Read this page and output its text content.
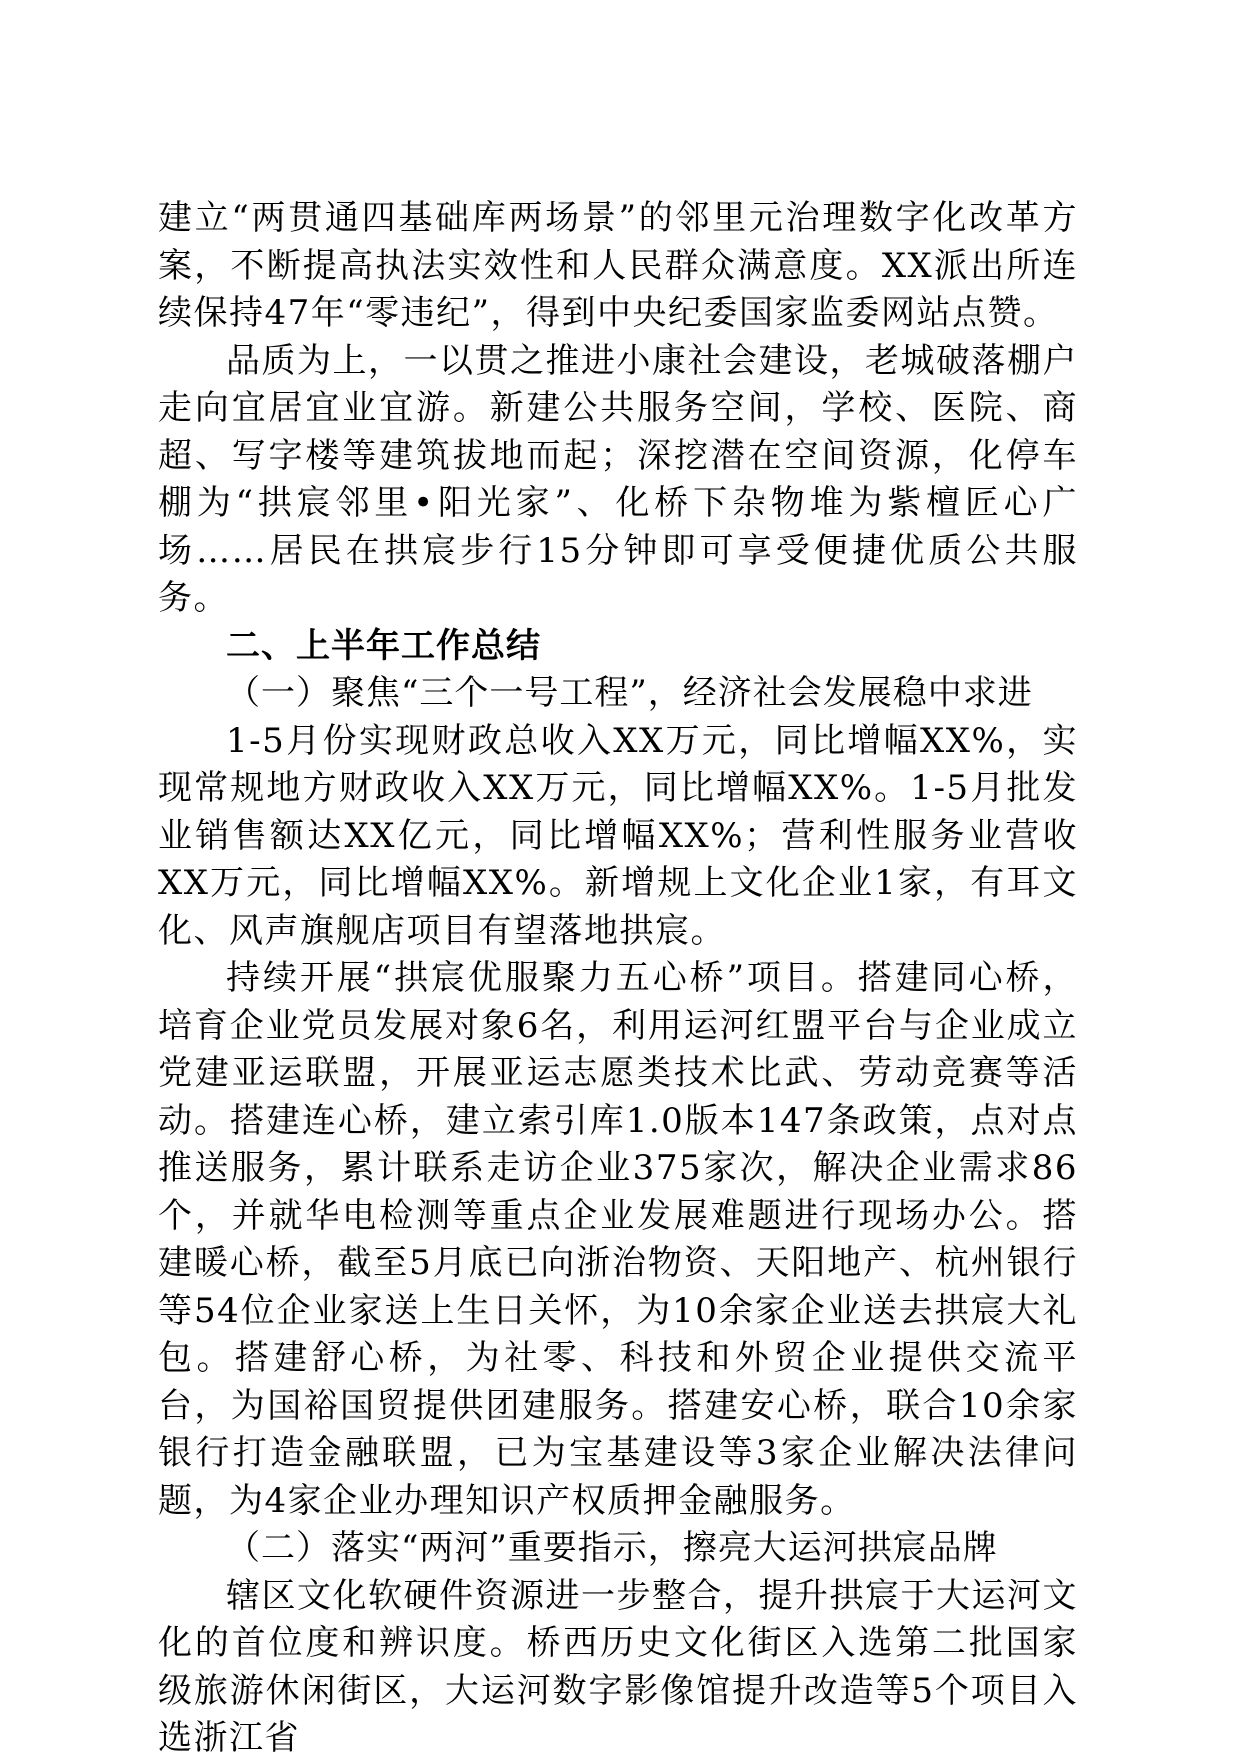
建立“两贯通四基础库两场景”的邻里元治理数字化改革方案，不断提高执法实效性和人民群众满意度。XX派出所连续保持47年“零违纪”，得到中央纪委国家监委网站点赞。

品质为上，一以贯之推进小康社会建设，老城破落棚户走向宜居宜业宜游。新建公共服务空间，学校、医院、商超、写字楼等建筑拔地而起；深挖潜在空间资源，化停车棚为“拱宸邻里•阳光家”、化桥下杂物堆为紫檀匠心广场……居民在拱宸步行15分钟即可享受便捷优质公共服务。

二、上半年工作总结

（一）聚焦“三个一号工程”，经济社会发展稳中求进

1-5月份实现财政总收入XX万元，同比增幅XX%，实现常规地方财政收入XX万元，同比增幅XX%。1-5月批发业销售额达XX亿元，同比增幅XX%；营利性服务业营收XX万元，同比增幅XX%。新增规上文化企业1家，有耳文化、风声旗舰店项目有望落地拱宸。

持续开展“拱宸优服聚力五心桥”项目。搭建同心桥，培育企业党员发展对象6名，利用运河红盟平台与企业成立党建亚运联盟，开展亚运志愿类技术比武、劳动竞赛等活动。搭建连心桥，建立索引库1.0版本147条政策，点对点推送服务，累计联系走访企业375家次，解决企业需求86个，并就华电检测等重点企业发展难题进行现场办公。搭建暖心桥，截至5月底已向浙治物资、天阳地产、杭州银行等54位企业家送上生日关怀，为10余家企业送去拱宸大礼包。搭建舒心桥，为社零、科技和外贸企业提供交流平台，为国裕国贸提供团建服务。搭建安心桥，联合10余家银行打造金融联盟，已为宝基建设等3家企业解决法律问题，为4家企业办理知识产权质押金融服务。

（二）落实“两河”重要指示，擦亮大运河拱宸品牌

辖区文化软硬件资源进一步整合，提升拱宸于大运河文化的首位度和辨识度。桥西历史文化街区入选第二批国家级旅游休闲街区，大运河数字影像馆提升改造等5个项目入选浙江省
